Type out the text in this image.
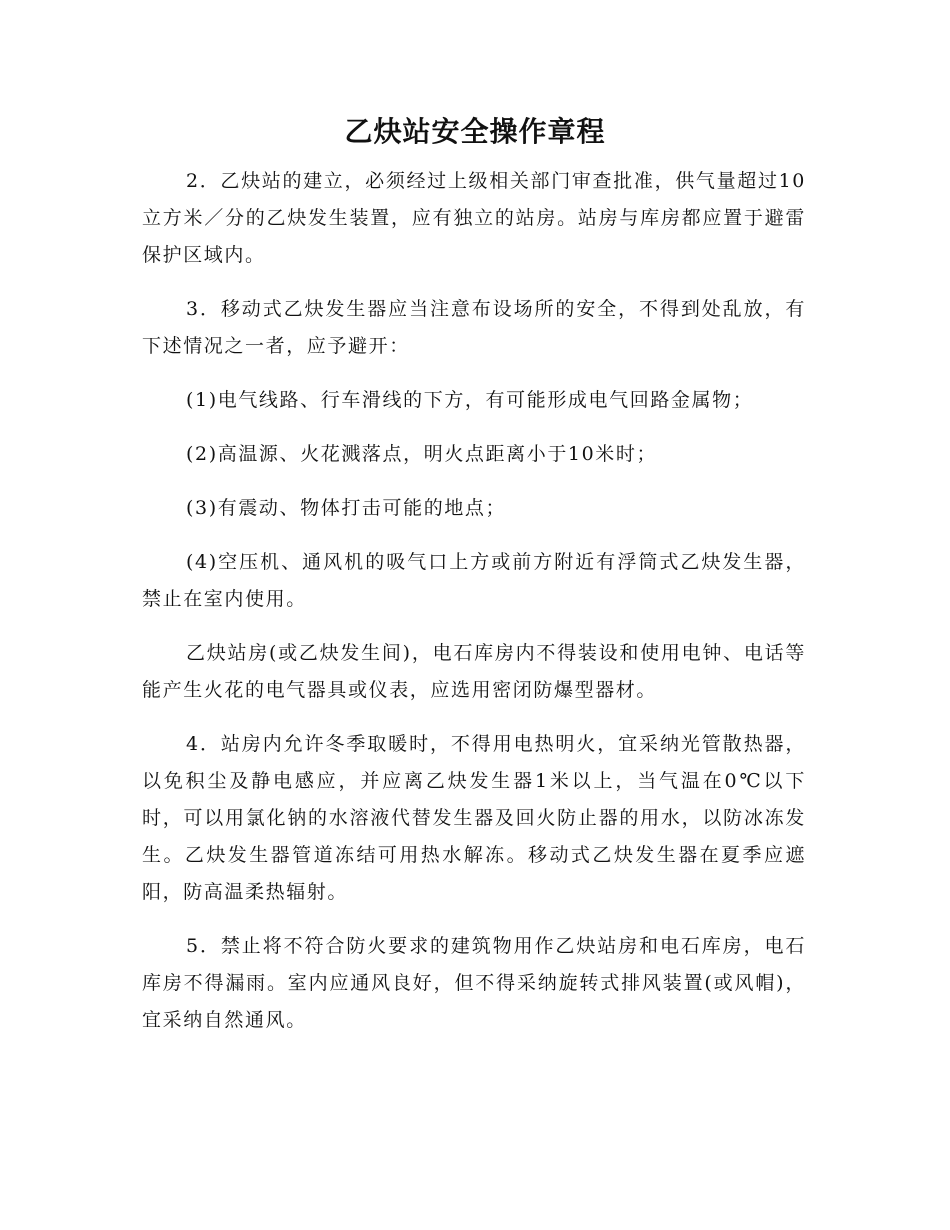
乙炔站安全操作章程

2．乙炔站的建立，必须经过上级相关部门审查批准，供气量超过10立方米／分的乙炔发生装置，应有独立的站房。站房与库房都应置于避雷保护区域内。

3．移动式乙炔发生器应当注意布设场所的安全，不得到处乱放，有下述情况之一者，应予避开：

(1)电气线路、行车滑线的下方，有可能形成电气回路金属物；

(2)高温源、火花溅落点，明火点距离小于10米时；

(3)有震动、物体打击可能的地点；

(4)空压机、通风机的吸气口上方或前方附近有浮筒式乙炔发生器，禁止在室内使用。

乙炔站房(或乙炔发生间)，电石库房内不得装设和使用电钟、电话等能产生火花的电气器具或仪表，应选用密闭防爆型器材。

4．站房内允许冬季取暖时，不得用电热明火，宜采纳光管散热器，以免积尘及静电感应，并应离乙炔发生器1米以上，当气温在0℃以下时，可以用氯化钠的水溶液代替发生器及回火防止器的用水，以防冰冻发生。乙炔发生器管道冻结可用热水解冻。移动式乙炔发生器在夏季应遮阳，防高温柔热辐射。

5．禁止将不符合防火要求的建筑物用作乙炔站房和电石库房，电石库房不得漏雨。室内应通风良好，但不得采纳旋转式排风装置(或风帽)，宜采纳自然通风。
